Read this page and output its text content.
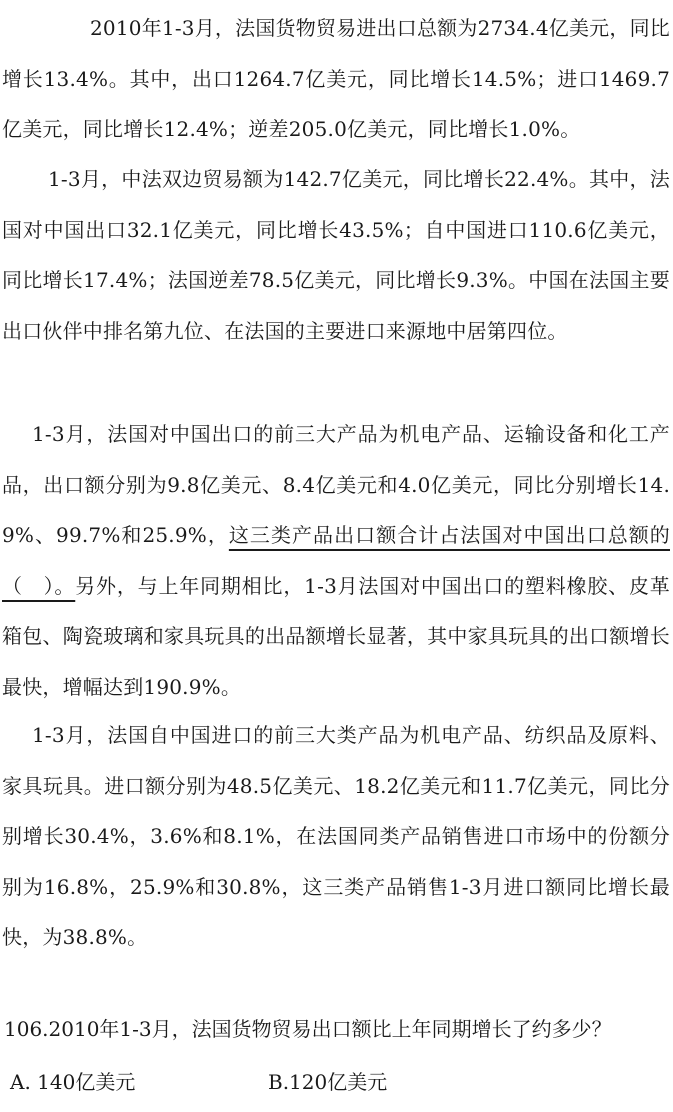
2010年1-3月，法国货物贸易进出口总额为2734.4亿美元，同比增长13.4%。其中，出口1264.7亿美元，同比增长14.5%；进口1469.7亿美元，同比增长12.4%；逆差205.0亿美元，同比增长1.0%。

1-3月，中法双边贸易额为142.7亿美元，同比增长22.4%。其中，法国对中国出口32.1亿美元，同比增长43.5%；自中国进口110.6亿美元，同比增长17.4%；法国逆差78.5亿美元，同比增长9.3%。中国在法国主要出口伙伴中排名第九位、在法国的主要进口来源地中居第四位。

1-3月，法国对中国出口的前三大产品为机电产品、运输设备和化工产品，出口额分别为9.8亿美元、8.4亿美元和4.0亿美元，同比分别增长14.9%、99.7%和25.9%，这三类产品出口额合计占法国对中国出口总额的（　）。另外，与上年同期相比，1-3月法国对中国出口的塑料橡胶、皮革箱包、陶瓷玻璃和家具玩具的出品额增长显著，其中家具玩具的出口额增长最快，增幅达到190.9%。

1-3月，法国自中国进口的前三大类产品为机电产品、纺织品及原料、家具玩具。进口额分别为48.5亿美元、18.2亿美元和11.7亿美元，同比分别增长30.4%，3.6%和8.1%，在法国同类产品销售进口市场中的份额分别为16.8%，25.9%和30.8%，这三类产品销售1-3月进口额同比增长最快，为38.8%。

106.2010年1-3月，法国货物贸易出口额比上年同期增长了约多少？

A. 140亿美元	B.120亿美元
